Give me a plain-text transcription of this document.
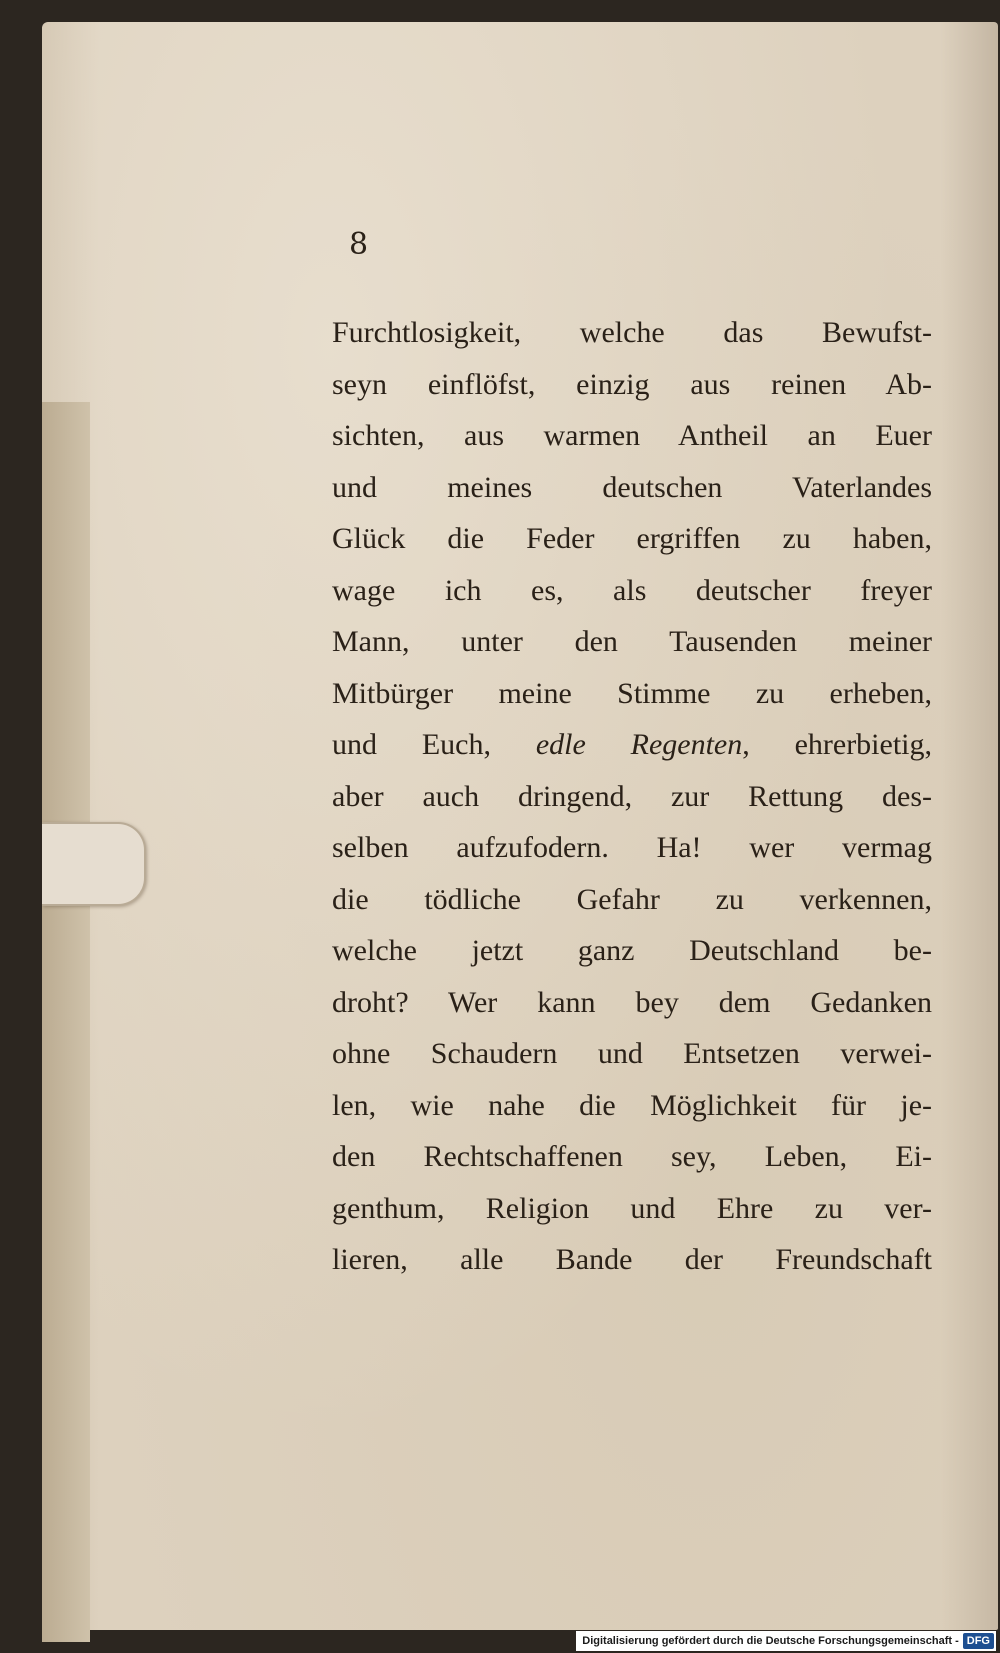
8
Furchtlosigkeit, welche das Bewufst-
seyn einflöfst, einzig aus reinen Ab-
sichten, aus warmen Antheil an Euer
und meines deutschen Vaterlandes
Glück die Feder ergriffen zu haben,
wage ich es, als deutscher freyer
Mann, unter den Tausenden meiner
Mitbürger meine Stimme zu erheben,
und Euch, edle Regenten, ehrerbietig,
aber auch dringend, zur Rettung des-
selben aufzufodern. Ha! wer vermag
die tödliche Gefahr zu verkennen,
welche jetzt ganz Deutschland be-
droht? Wer kann bey dem Gedanken
ohne Schaudern und Entsetzen verwei-
len, wie nahe die Möglichkeit für je-
den Rechtschaffenen sey, Leben, Ei-
genthum, Religion und Ehre zu ver-
lieren, alle Bande der Freundschaft
Digitalisierung gefördert durch die Deutsche Forschungsgemeinschaft - DFG
